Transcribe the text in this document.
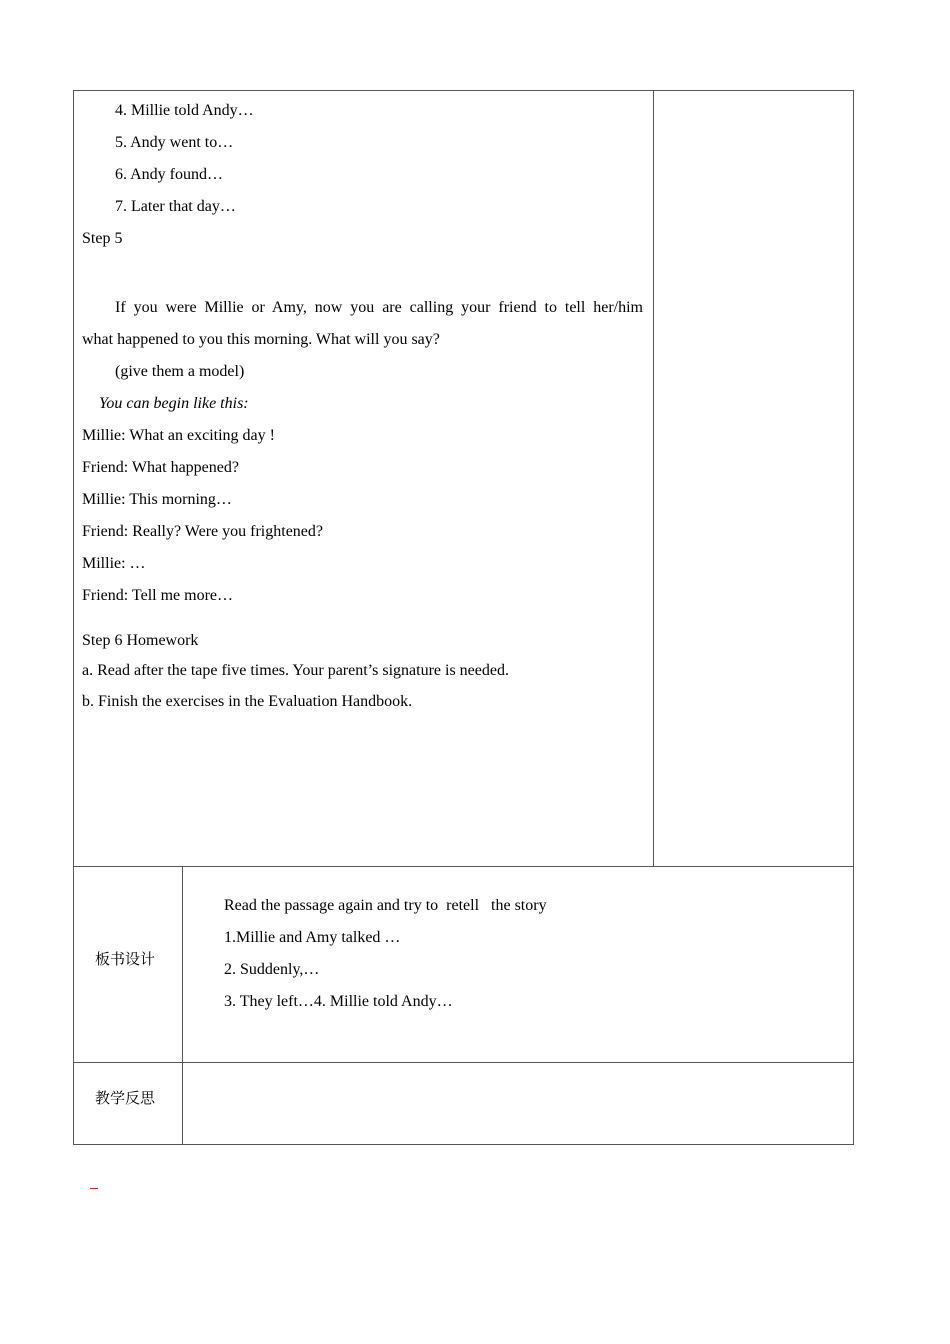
4. Millie told Andy…
5. Andy went to…
6. Andy found…
7. Later that day…
Step 5
If you were Millie or Amy, now you are calling your friend to tell her/him
what happened to you this morning. What will you say?
(give them a model)
You can begin like this:
Millie: What an exciting day !
Friend: What happened?
Millie: This morning…
Friend: Really? Were you frightened?
Millie: …
Friend: Tell me more…
Step 6 Homework
a. Read after the tape five times. Your parent’s signature is needed.
b. Finish the exercises in the Evaluation Handbook.
板书设计
Read the passage again and try to  retell   the story
1.Millie and Amy talked …
2. Suddenly,…
3. They left…4. Millie told Andy…
教学反思
